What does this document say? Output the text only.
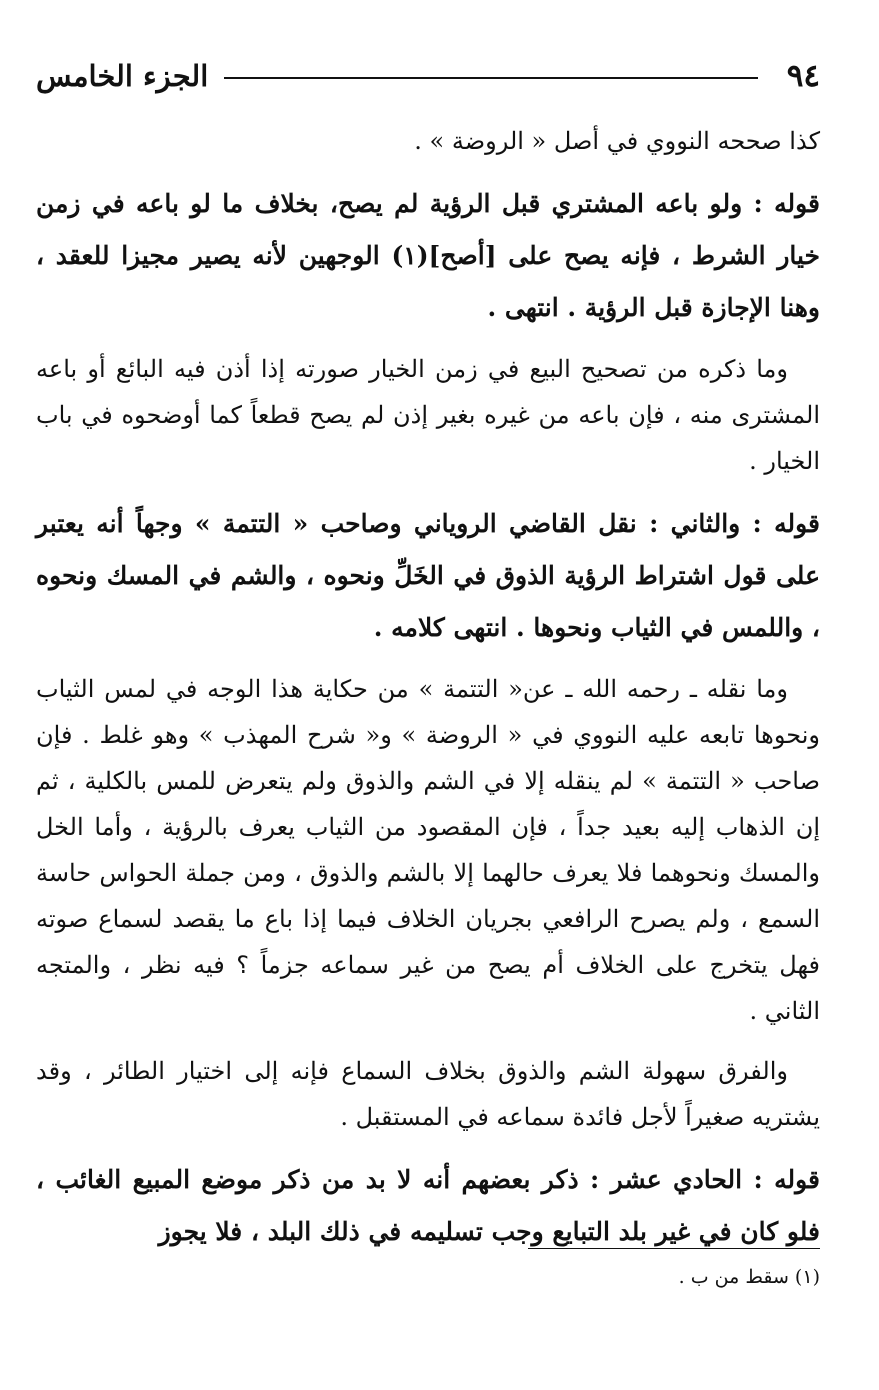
٩٤
الجزء الخامس

كذا صححه النووي في أصل « الروضة » .

قوله : ولو باعه المشتري قبل الرؤية لم يصح، بخلاف ما لو باعه في زمن خيار الشرط ، فإنه يصح على [أصح](١) الوجهين لأنه يصير مجيزا للعقد ، وهنا الإجازة قبل الرؤية . انتهى .

وما ذكره من تصحيح البيع في زمن الخيار صورته إذا أذن فيه البائع أو باعه المشترى منه ، فإن باعه من غيره بغير إذن لم يصح قطعاً كما أوضحوه في باب الخيار .

قوله : والثاني : نقل القاضي الروياني وصاحب « التتمة » وجهاً أنه يعتبر على قول اشتراط الرؤية الذوق في الخَلِّ ونحوه ، والشم في المسك ونحوه ، واللمس في الثياب ونحوها . انتهى كلامه .

وما نقله ـ رحمه الله ـ عن« التتمة » من حكاية هذا الوجه في لمس الثياب ونحوها تابعه عليه النووي في « الروضة » و« شرح المهذب » وهو غلط . فإن صاحب « التتمة » لم ينقله إلا في الشم والذوق ولم يتعرض للمس بالكلية ، ثم إن الذهاب إليه بعيد جداً ، فإن المقصود من الثياب يعرف بالرؤية ، وأما الخل والمسك ونحوهما فلا يعرف حالهما إلا بالشم والذوق ، ومن جملة الحواس حاسة السمع ، ولم يصرح الرافعي بجريان الخلاف فيما إذا باع ما يقصد لسماع صوته فهل يتخرج على الخلاف أم يصح من غير سماعه جزماً ؟ فيه نظر ، والمتجه الثاني .

والفرق سهولة الشم والذوق بخلاف السماع فإنه إلى اختيار الطائر ، وقد يشتريه صغيراً لأجل فائدة سماعه في المستقبل .

قوله : الحادي عشر : ذكر بعضهم أنه لا بد من ذكر موضع المبيع الغائب ، فلو كان في غير بلد التبايع وجب تسليمه في ذلك البلد ، فلا يجوز

(١) سقط من ب .
